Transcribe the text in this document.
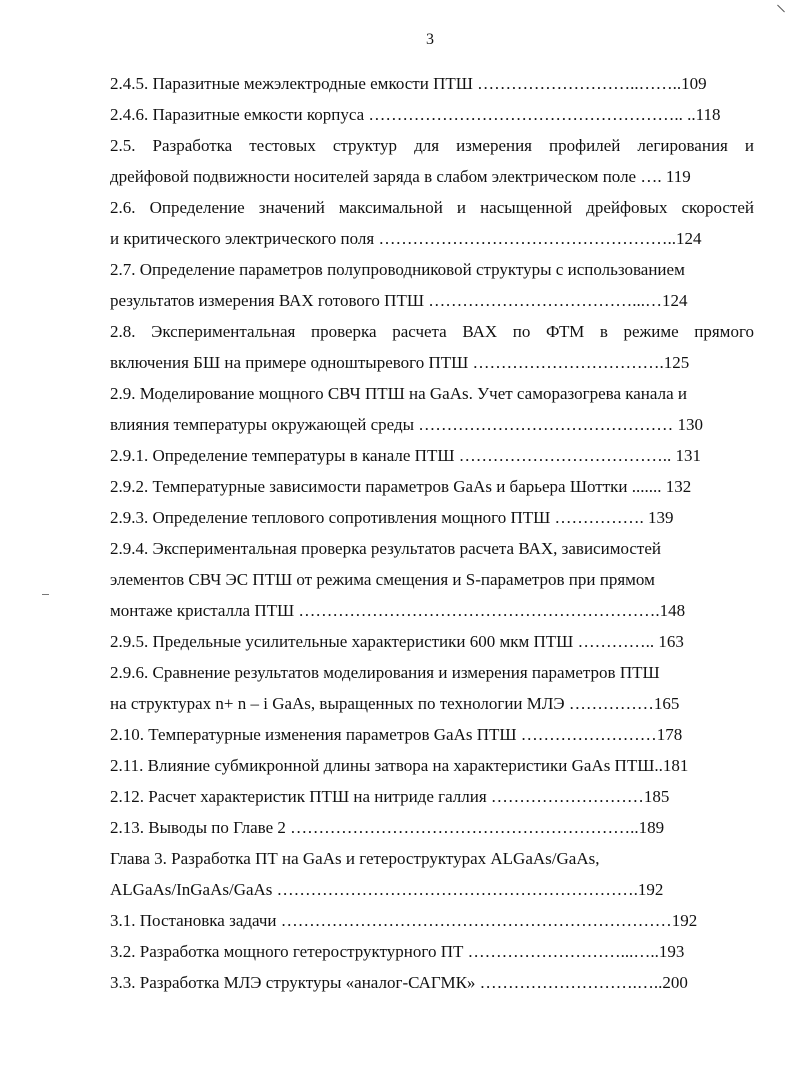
3
2.4.5. Паразитные межэлектродные емкости ПТШ ………………………..……..109
2.4.6. Паразитные емкости корпуса ……………………………………………….. ..118
2.5. Разработка тестовых структур для измерения профилей легирования и
дрейфовой подвижности носителей заряда в слабом электрическом поле …. 119
2.6. Определение значений максимальной и насыщенной дрейфовых скоростей
и критического электрического поля ……………………………………………..124
2.7. Определение параметров полупроводниковой структуры с использованием
результатов измерения ВАХ готового ПТШ ………………………………...…124
2.8. Экспериментальная проверка расчета ВАХ по ФТМ в режиме прямого
включения БШ на примере одноштыревого ПТШ …………………………….125
2.9. Моделирование мощного СВЧ ПТШ на GaAs. Учет саморазогрева канала и
влияния температуры окружающей среды ……………………………………… 130
2.9.1. Определение температуры в канале ПТШ ……………………………….. 131
2.9.2. Температурные зависимости параметров GaAs и барьера Шоттки ....... 132
2.9.3. Определение теплового сопротивления мощного ПТШ ……………. 139
2.9.4. Экспериментальная проверка результатов расчета ВАХ, зависимостей
элементов СВЧ ЭС ПТШ от режима смещения и S-параметров при прямом
монтаже кристалла ПТШ ……………………………………………………….148
2.9.5. Предельные усилительные характеристики 600 мкм ПТШ ………….. 163
2.9.6. Сравнение результатов моделирования и измерения параметров ПТШ
на структурах n+ n – i GaAs, выращенных по технологии МЛЭ ……………165
2.10. Температурные изменения параметров GaAs ПТШ ……………………178
2.11. Влияние субмикронной длины затвора на характеристики GaAs ПТШ..181
2.12. Расчет характеристик ПТШ на нитриде галлия ………………………185
2.13. Выводы по Главе 2 ……………………………………………………..189
Глава 3. Разработка ПТ на GaAs и гетероструктурах ALGaAs/GaAs,
ALGaAs/InGaAs/GaAs ……………………………………………………….192
3.1. Постановка задачи ……………………………………………………………192
3.2. Разработка мощного гетероструктурного ПТ ………………………...…..193
3.3. Разработка МЛЭ структуры «аналог-САГМК» ……………………….…..200
